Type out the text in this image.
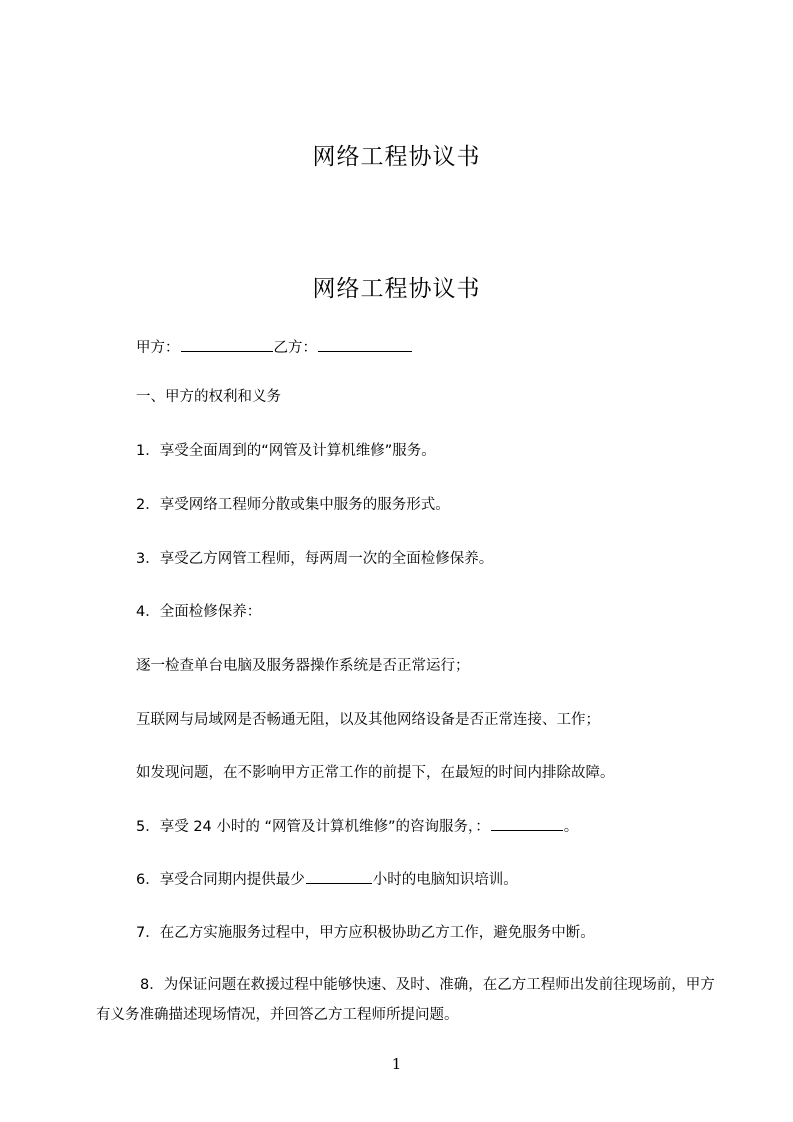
网络工程协议书
网络工程协议书
甲方：	乙方：
一、甲方的权利和义务
1．享受全面周到的“网管及计算机维修”服务。
2．享受网络工程师分散或集中服务的服务形式。
3．享受乙方网管工程师，每两周一次的全面检修保养。
4．全面检修保养：
逐一检查单台电脑及服务器操作系统是否正常运行；
互联网与局域网是否畅通无阻，以及其他网络设备是否正常连接、工作；
如发现问题，在不影响甲方正常工作的前提下，在最短的时间内排除故障。
5．享受 24 小时的 “网管及计算机维修”的咨询服务，：	。
6．享受合同期内提供最少	小时的电脑知识培训。
7．在乙方实施服务过程中，甲方应积极协助乙方工作，避免服务中断。
8．为保证问题在救援过程中能够快速、及时、准确，在乙方工程师出发前往现场前，甲方有义务准确描述现场情况，并回答乙方工程师所提问题。
1
